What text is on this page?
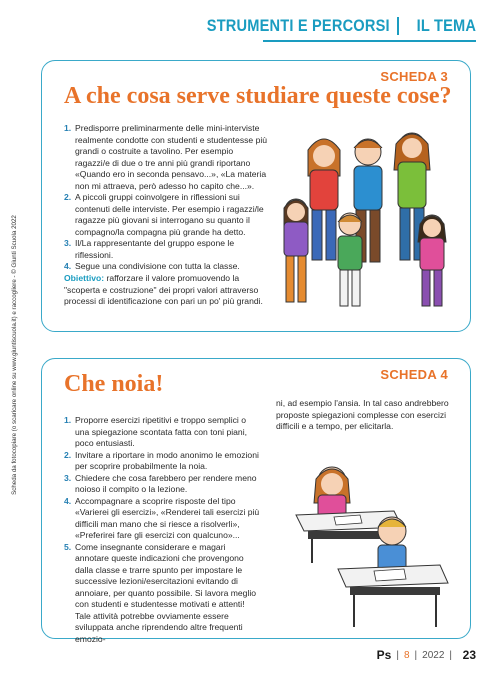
STRUMENTI E PERCORSI IL TEMA
Scheda da fotocopiare (o scaricare online su www.giuntiscuola.it) e raccogliere - © Giunti Scuola 2022
SCHEDA 3
A che cosa serve studiare queste cose?
1. Predisporre preliminarmente delle mini-interviste realmente condotte con studenti e studentesse più grandi o costruite a tavolino. Per esempio ragazzi/e di due o tre anni più grandi riportano «Quando ero in seconda pensavo...», «La materia non mi attraeva, però adesso ho capito che...».
2. A piccoli gruppi coinvolgere in riflessioni sui contenuti delle interviste. Per esempio i ragazzi/le ragazze più giovani si interrogano su quanto il compagno/la compagna più grande ha detto.
3. Il/La rappresentante del gruppo espone le riflessioni.
4. Segue una condivisione con tutta la classe.
Obiettivo: rafforzare il valore promuovendo la "scoperta e costruzione" dei propri valori attraverso processi di identificazione con pari un po' più grandi.
SCHEDA 4
Che noia!
1. Proporre esercizi ripetitivi e troppo semplici o una spiegazione scontata fatta con toni piani, poco entusiasti.
2. Invitare a riportare in modo anonimo le emozioni per scoprire probabilmente la noia.
3. Chiedere che cosa farebbero per rendere meno noioso il compito o la lezione.
4. Accompagnare a scoprire risposte del tipo «Varierei gli esercizi», «Renderei tali esercizi più difficili man mano che si riesce a risolverli», «Preferirei fare gli esercizi con qualcuno»...
5. Come insegnante considerare e magari annotare queste indicazioni che provengono dalla classe e trarre spunto per impostare le successive lezioni/esercitazioni evitando di annoiare, per quanto possibile. Si lavora meglio con studenti e studentesse motivati e attenti! Tale attività potrebbe ovviamente essere sviluppata anche riprendendo altre frequenti emozio-
ni, ad esempio l'ansia. In tal caso andrebbero proposte spiegazioni complesse con esercizi difficili e a tempo, per elicitarla.
Ps | 8 | 2022 | 23
